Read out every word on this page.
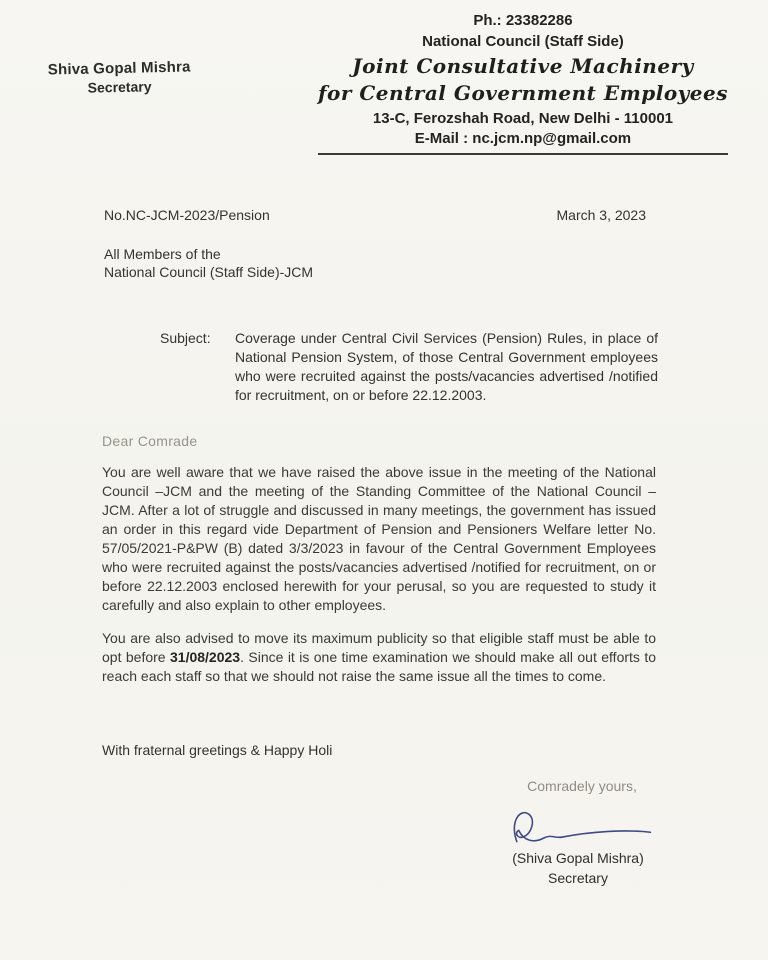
Shiva Gopal Mishra
Secretary
Ph.: 23382286
National Council (Staff Side)
Joint Consultative Machinery
for Central Government Employees
13-C, Ferozshah Road, New Delhi - 110001
E-Mail : nc.jcm.np@gmail.com
No.NC-JCM-2023/Pension	March 3, 2023
All Members of the
National Council (Staff Side)-JCM
Subject:	Coverage under Central Civil Services (Pension) Rules, in place of National Pension System, of those Central Government employees who were recruited against the posts/vacancies advertised /notified for recruitment, on or before 22.12.2003.
Dear Comrade

You are well aware that we have raised the above issue in the meeting of the National Council –JCM and the meeting of the Standing Committee of the National Council – JCM. After a lot of struggle and discussed in many meetings, the government has issued an order in this regard vide Department of Pension and Pensioners Welfare letter No. 57/05/2021-P&PW (B) dated 3/3/2023 in favour of the Central Government Employees who were recruited against the posts/vacancies advertised /notified for recruitment, on or before 22.12.2003 enclosed herewith for your perusal, so you are requested to study it carefully and also explain to other employees.

You are also advised to move its maximum publicity so that eligible staff must be able to opt before 31/08/2023. Since it is one time examination we should make all out efforts to reach each staff so that we should not raise the same issue all the times to come.

With fraternal greetings & Happy Holi
Comradely yours,
(Shiva Gopal Mishra)
Secretary
